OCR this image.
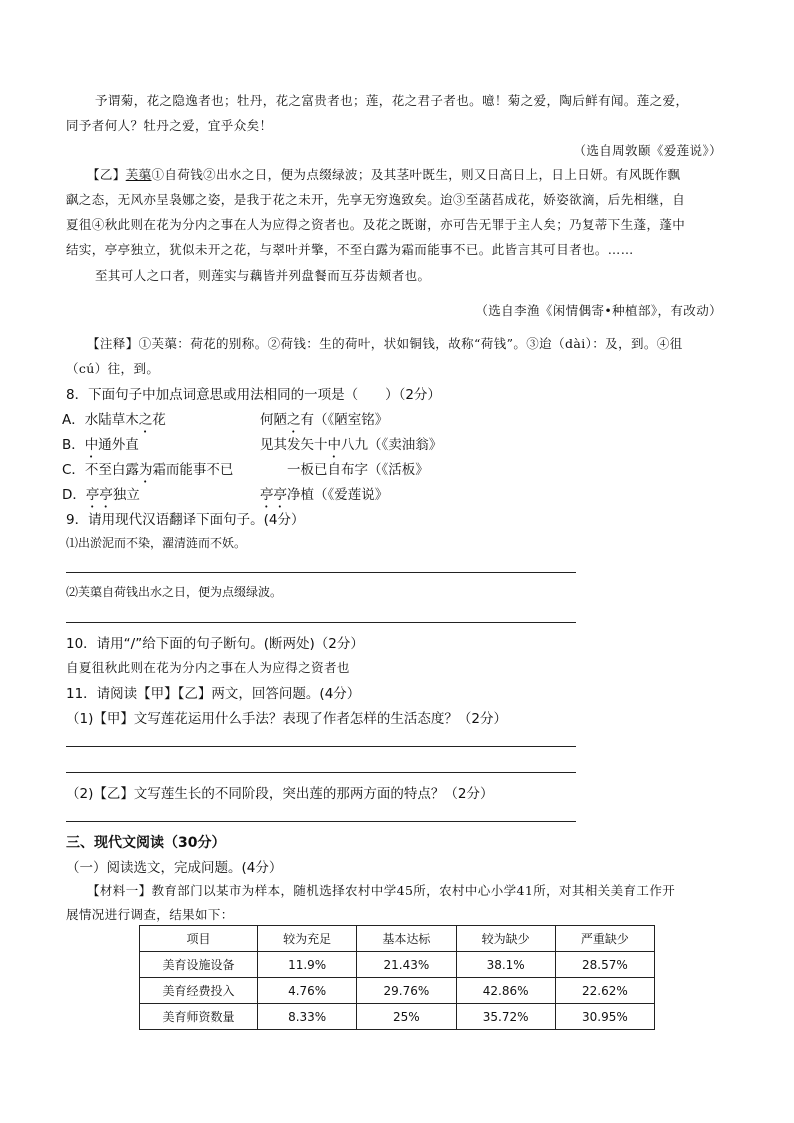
予谓菊，花之隐逸者也；牡丹，花之富贵者也；莲，花之君子者也。噫！菊之爱，陶后鲜有闻。莲之爱，
同予者何人？牡丹之爱，宜乎众矣！
（选自周敦颐《爱莲说》）
【乙】芙蕖①自荷钱②出水之日，便为点缀绿波；及其茎叶既生，则又日高日上，日上日妍。有风既作飘
飖之态，无风亦呈袅娜之姿，是我于花之未开，先享无穷逸致矣。迨③至菡萏成花，娇姿欲滴，后先相继，自
夏徂④秋此则在花为分内之事在人为应得之资者也。及花之既谢，亦可告无罪于主人矣；乃复蒂下生蓬，蓬中
结实，亭亭独立，犹似未开之花，与翠叶并擎，不至白露为霜而能事不已。此皆言其可目者也。……
至其可人之口者，则莲实与藕皆并列盘餐而互芬齿颊者也。
（选自李渔《闲情偶寄•种植部》，有改动）
【注释】①芙蕖：荷花的别称。②荷钱：生的荷叶，状如铜钱，故称“荷钱”。③迨（dài）：及，到。④徂
（cú）往，到。
8．下面句子中加点词意思或用法相同的一项是（　　）（2分）
A．水陆草木之花	何陋之有（《陋室铭》
B．中通外直	见其发矢十中八九（《卖油翁》
C．不至白露为霜而能事不已	一板已自布字（《活板》
D．亭亭独立	亭亭净植（《爱莲说》
9．请用现代汉语翻译下面句子。(4分）
⑴出淤泥而不染，濯清涟而不妖。
⑵芙蕖自荷钱出水之日，便为点缀绿波。
10．请用“/”给下面的句子断句。(断两处)（2分）
自夏徂秋此则在花为分内之事在人为应得之资者也
11．请阅读【甲】【乙】两文，回答问题。(4分）
（1)【甲】文写莲花运用什么手法？表现了作者怎样的生活态度？（2分）
（2)【乙】文写莲生长的不同阶段，突出莲的那两方面的特点？（2分）
三、现代文阅读（30分）
（一）阅读选文，完成问题。(4分）
【材料一】教育部门以某市为样本，随机选择农村中学45所，农村中心小学41所，对其相关美育工作开
展情况进行调查，结果如下：
项目	较为充足	基本达标	较为缺少	严重缺少
美育设施设备	11.9%	21.43%	38.1%	28.57%
美育经费投入	4.76%	29.76%	42.86%	22.62%
美育师资数量	8.33%	25%	35.72%	30.95%
